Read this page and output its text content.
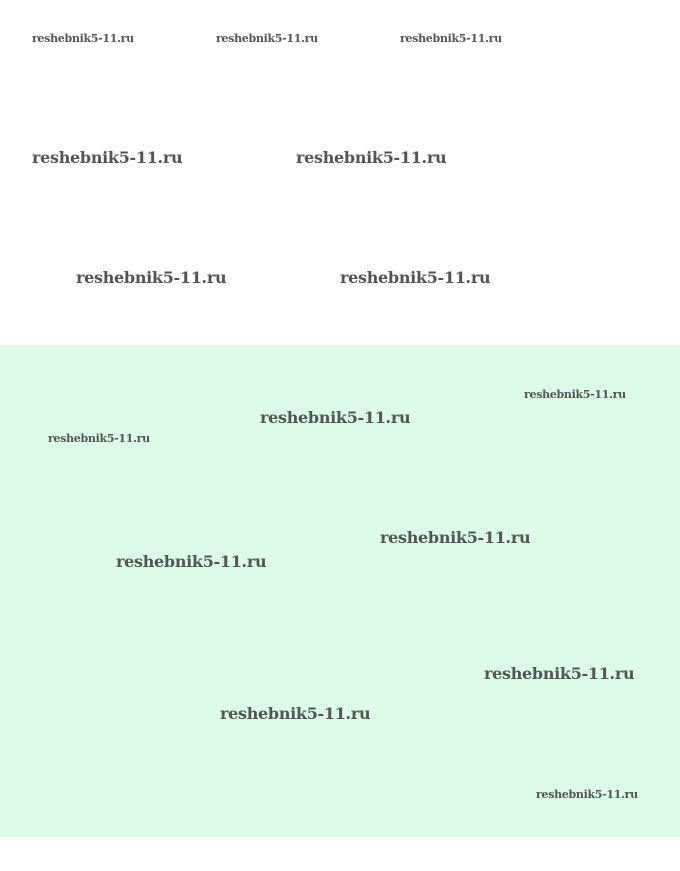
reshebnik5-11.ru	reshebnik5-11.ru	reshebnik5-11.ru
reshebnik5-11.ru	reshebnik5-11.ru
reshebnik5-11.ru	reshebnik5-11.ru
reshebnik5-11.ru
reshebnik5-11.ru
reshebnik5-11.ru
reshebnik5-11.ru
reshebnik5-11.ru
reshebnik5-11.ru
reshebnik5-11.ru
reshebnik5-11.ru
